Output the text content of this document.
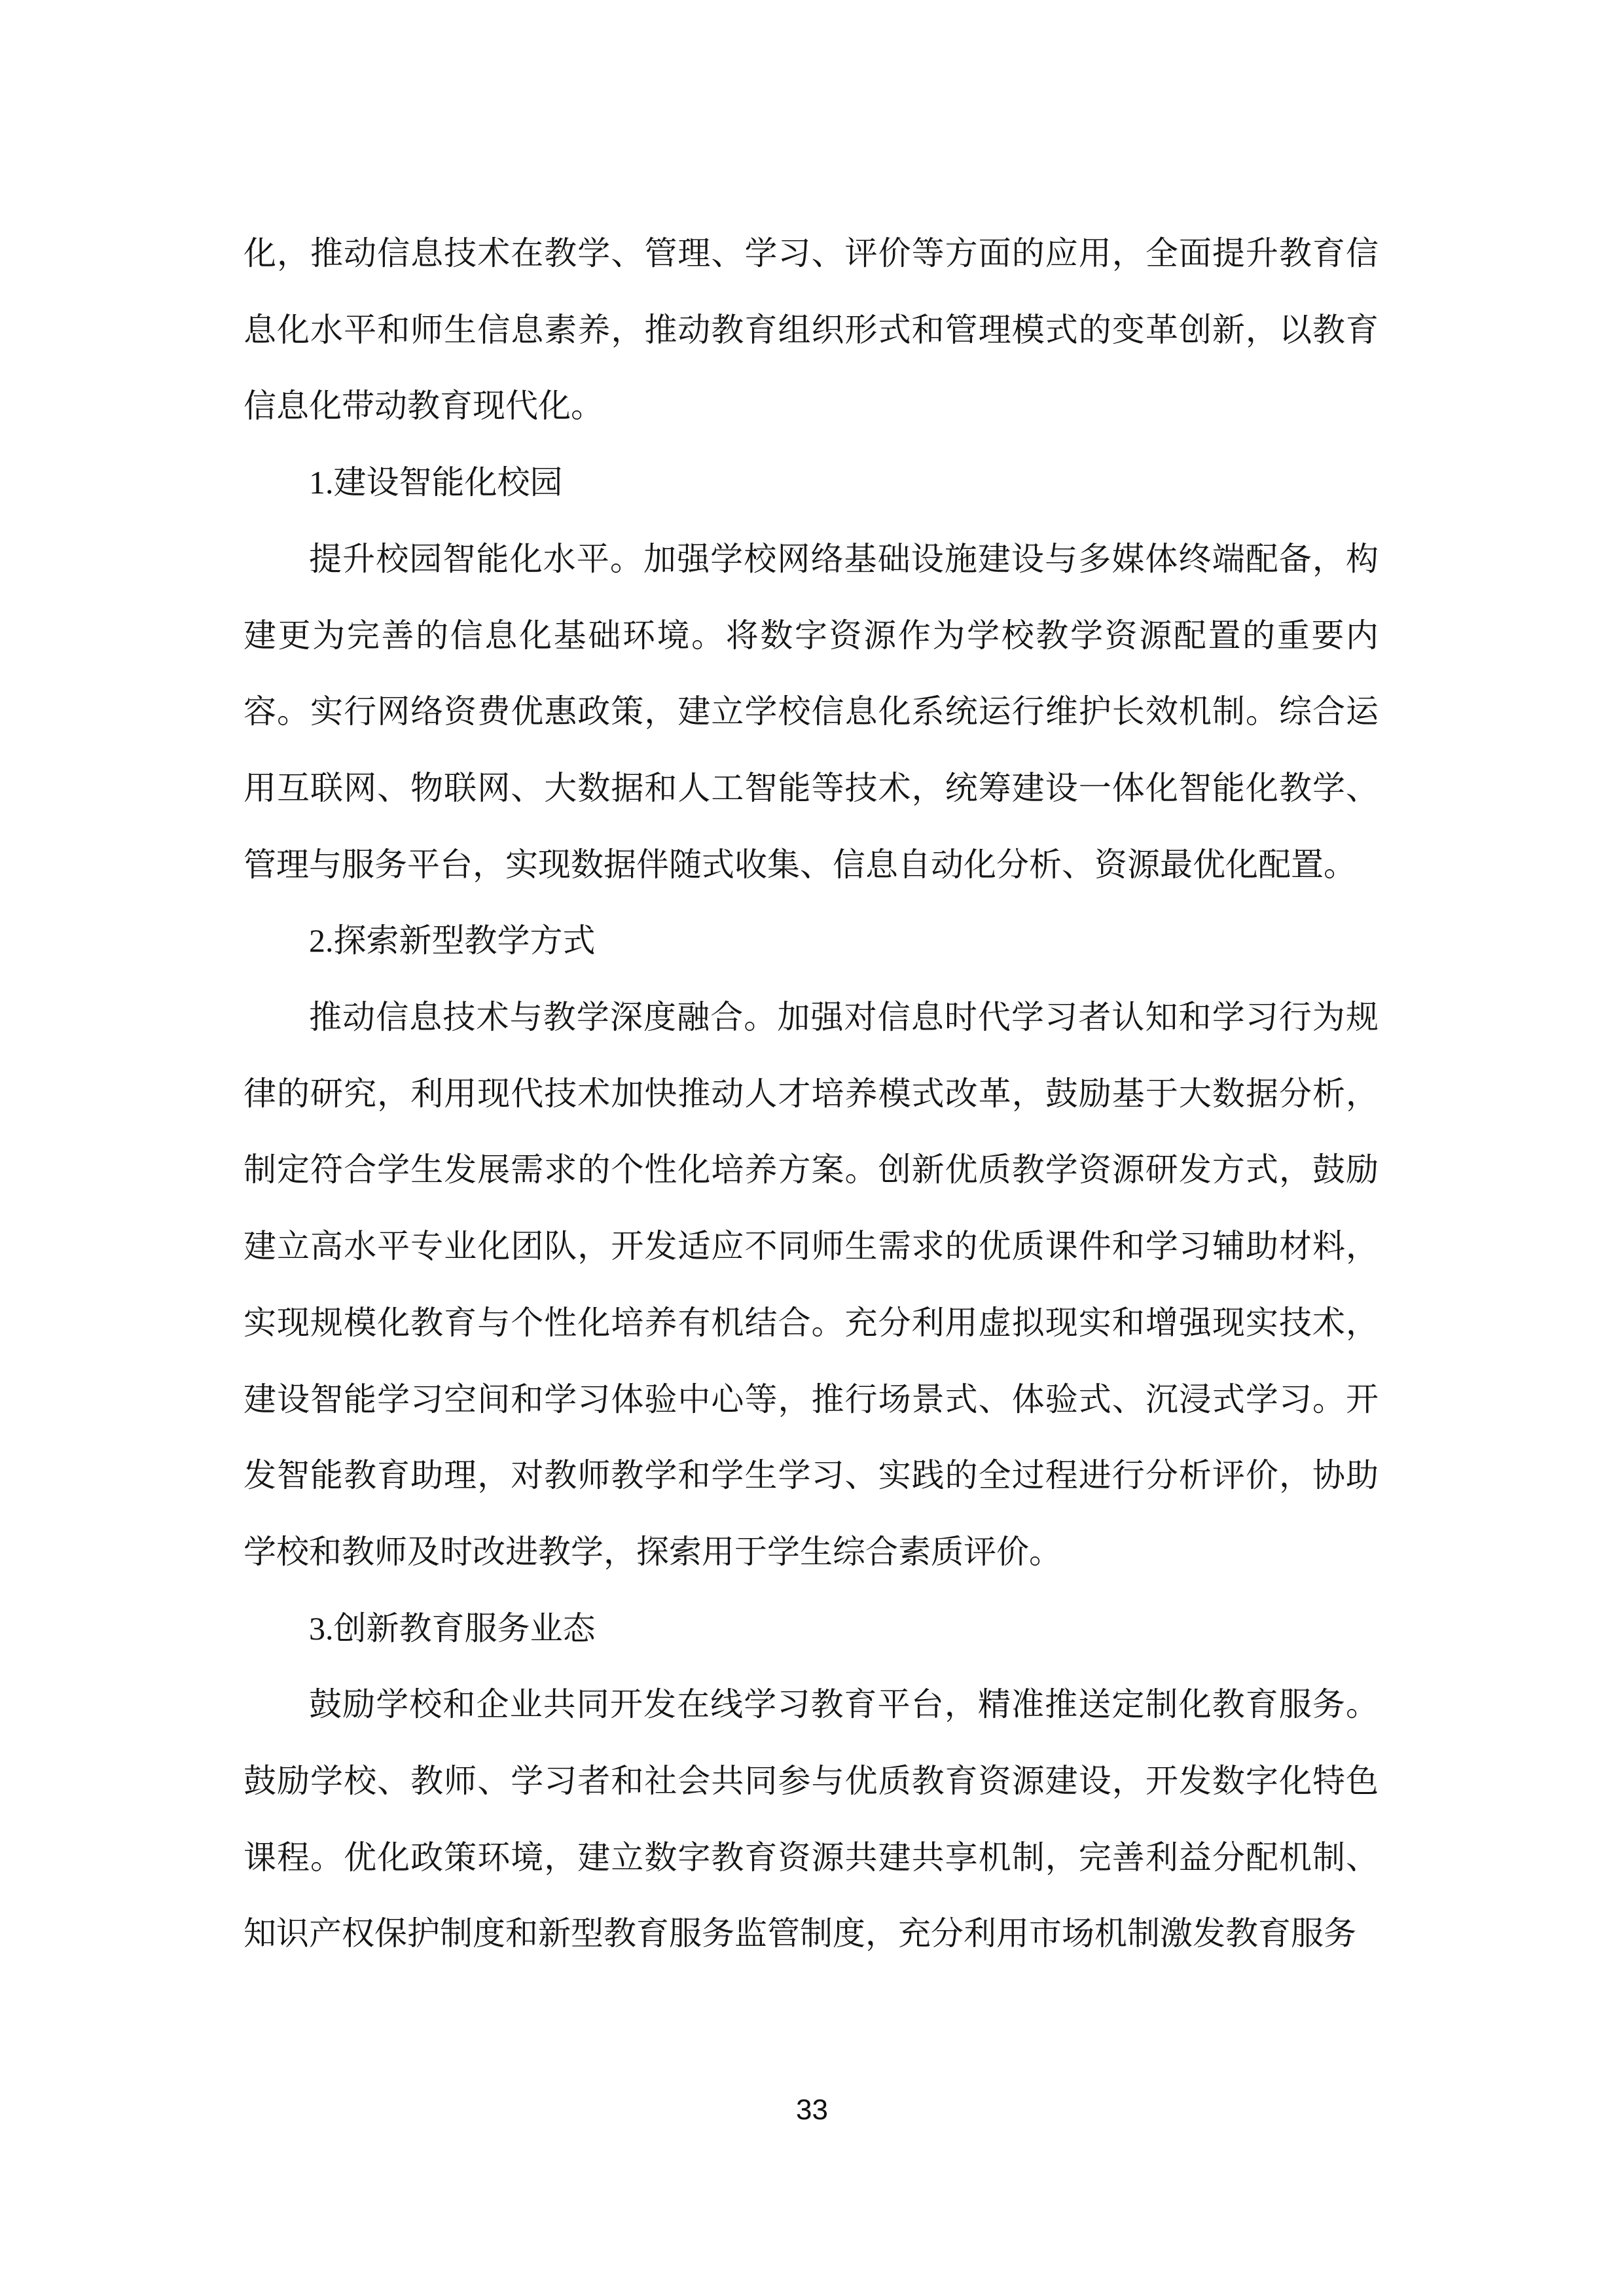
化，推动信息技术在教学、管理、学习、评价等方面的应用，全面提升教育信息化水平和师生信息素养，推动教育组织形式和管理模式的变革创新，以教育信息化带动教育现代化。

1.建设智能化校园

提升校园智能化水平。加强学校网络基础设施建设与多媒体终端配备，构建更为完善的信息化基础环境。将数字资源作为学校教学资源配置的重要内容。实行网络资费优惠政策，建立学校信息化系统运行维护长效机制。综合运用互联网、物联网、大数据和人工智能等技术，统筹建设一体化智能化教学、管理与服务平台，实现数据伴随式收集、信息自动化分析、资源最优化配置。

2.探索新型教学方式

推动信息技术与教学深度融合。加强对信息时代学习者认知和学习行为规律的研究，利用现代技术加快推动人才培养模式改革，鼓励基于大数据分析，制定符合学生发展需求的个性化培养方案。创新优质教学资源研发方式，鼓励建立高水平专业化团队，开发适应不同师生需求的优质课件和学习辅助材料，实现规模化教育与个性化培养有机结合。充分利用虚拟现实和增强现实技术，建设智能学习空间和学习体验中心等，推行场景式、体验式、沉浸式学习。开发智能教育助理，对教师教学和学生学习、实践的全过程进行分析评价，协助学校和教师及时改进教学，探索用于学生综合素质评价。

3.创新教育服务业态

鼓励学校和企业共同开发在线学习教育平台，精准推送定制化教育服务。鼓励学校、教师、学习者和社会共同参与优质教育资源建设，开发数字化特色课程。优化政策环境，建立数字教育资源共建共享机制，完善利益分配机制、知识产权保护制度和新型教育服务监管制度，充分利用市场机制激发教育服务

33
